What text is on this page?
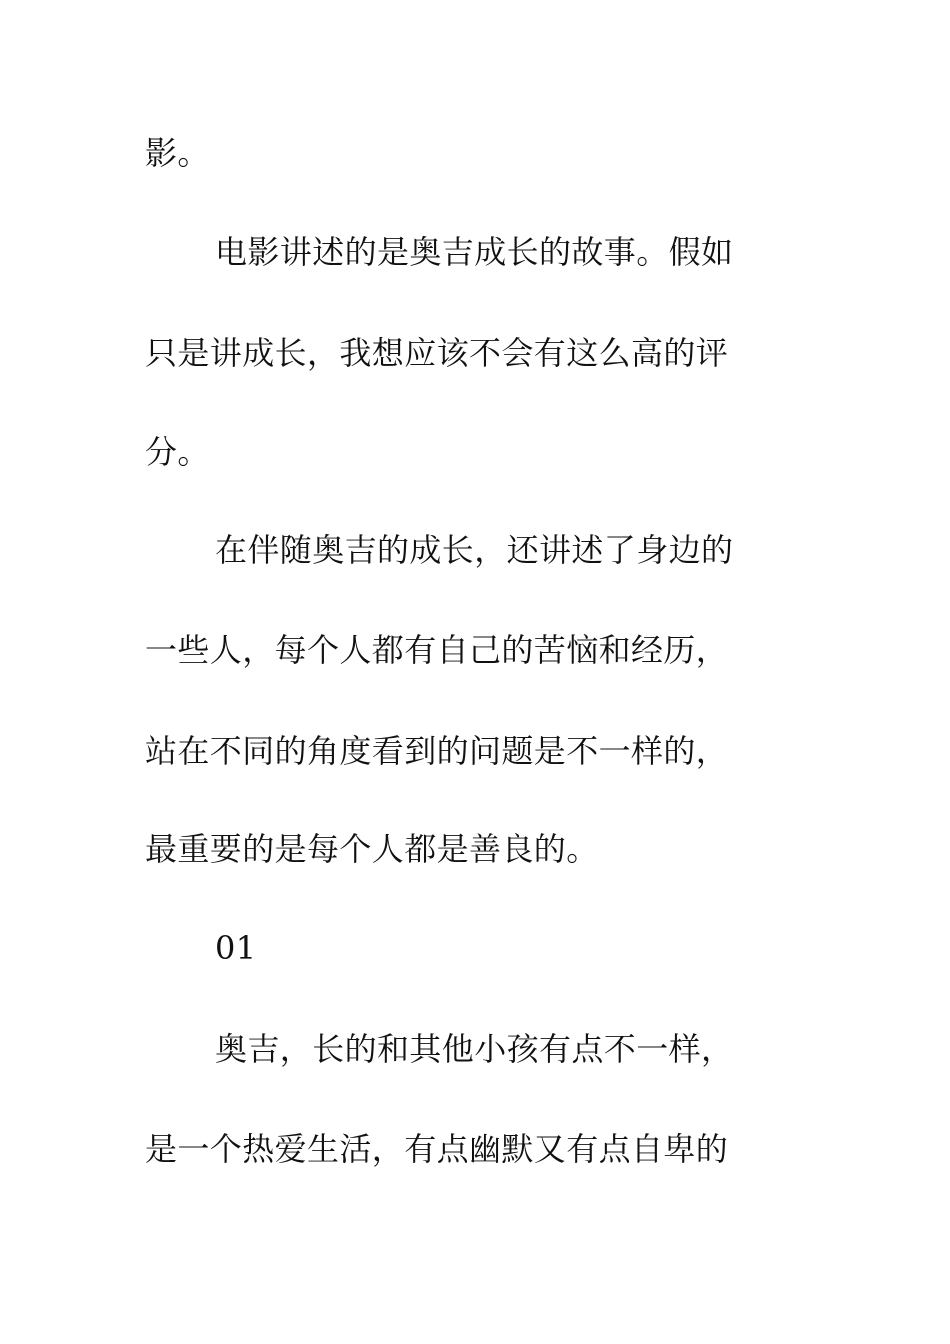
影。
电影讲述的是奥吉成长的故事。假如
只是讲成长，我想应该不会有这么高的评
分。
在伴随奥吉的成长，还讲述了身边的
一些人，每个人都有自己的苦恼和经历，
站在不同的角度看到的问题是不一样的，
最重要的是每个人都是善良的。
01
奥吉，长的和其他小孩有点不一样，
是一个热爱生活，有点幽默又有点自卑的
